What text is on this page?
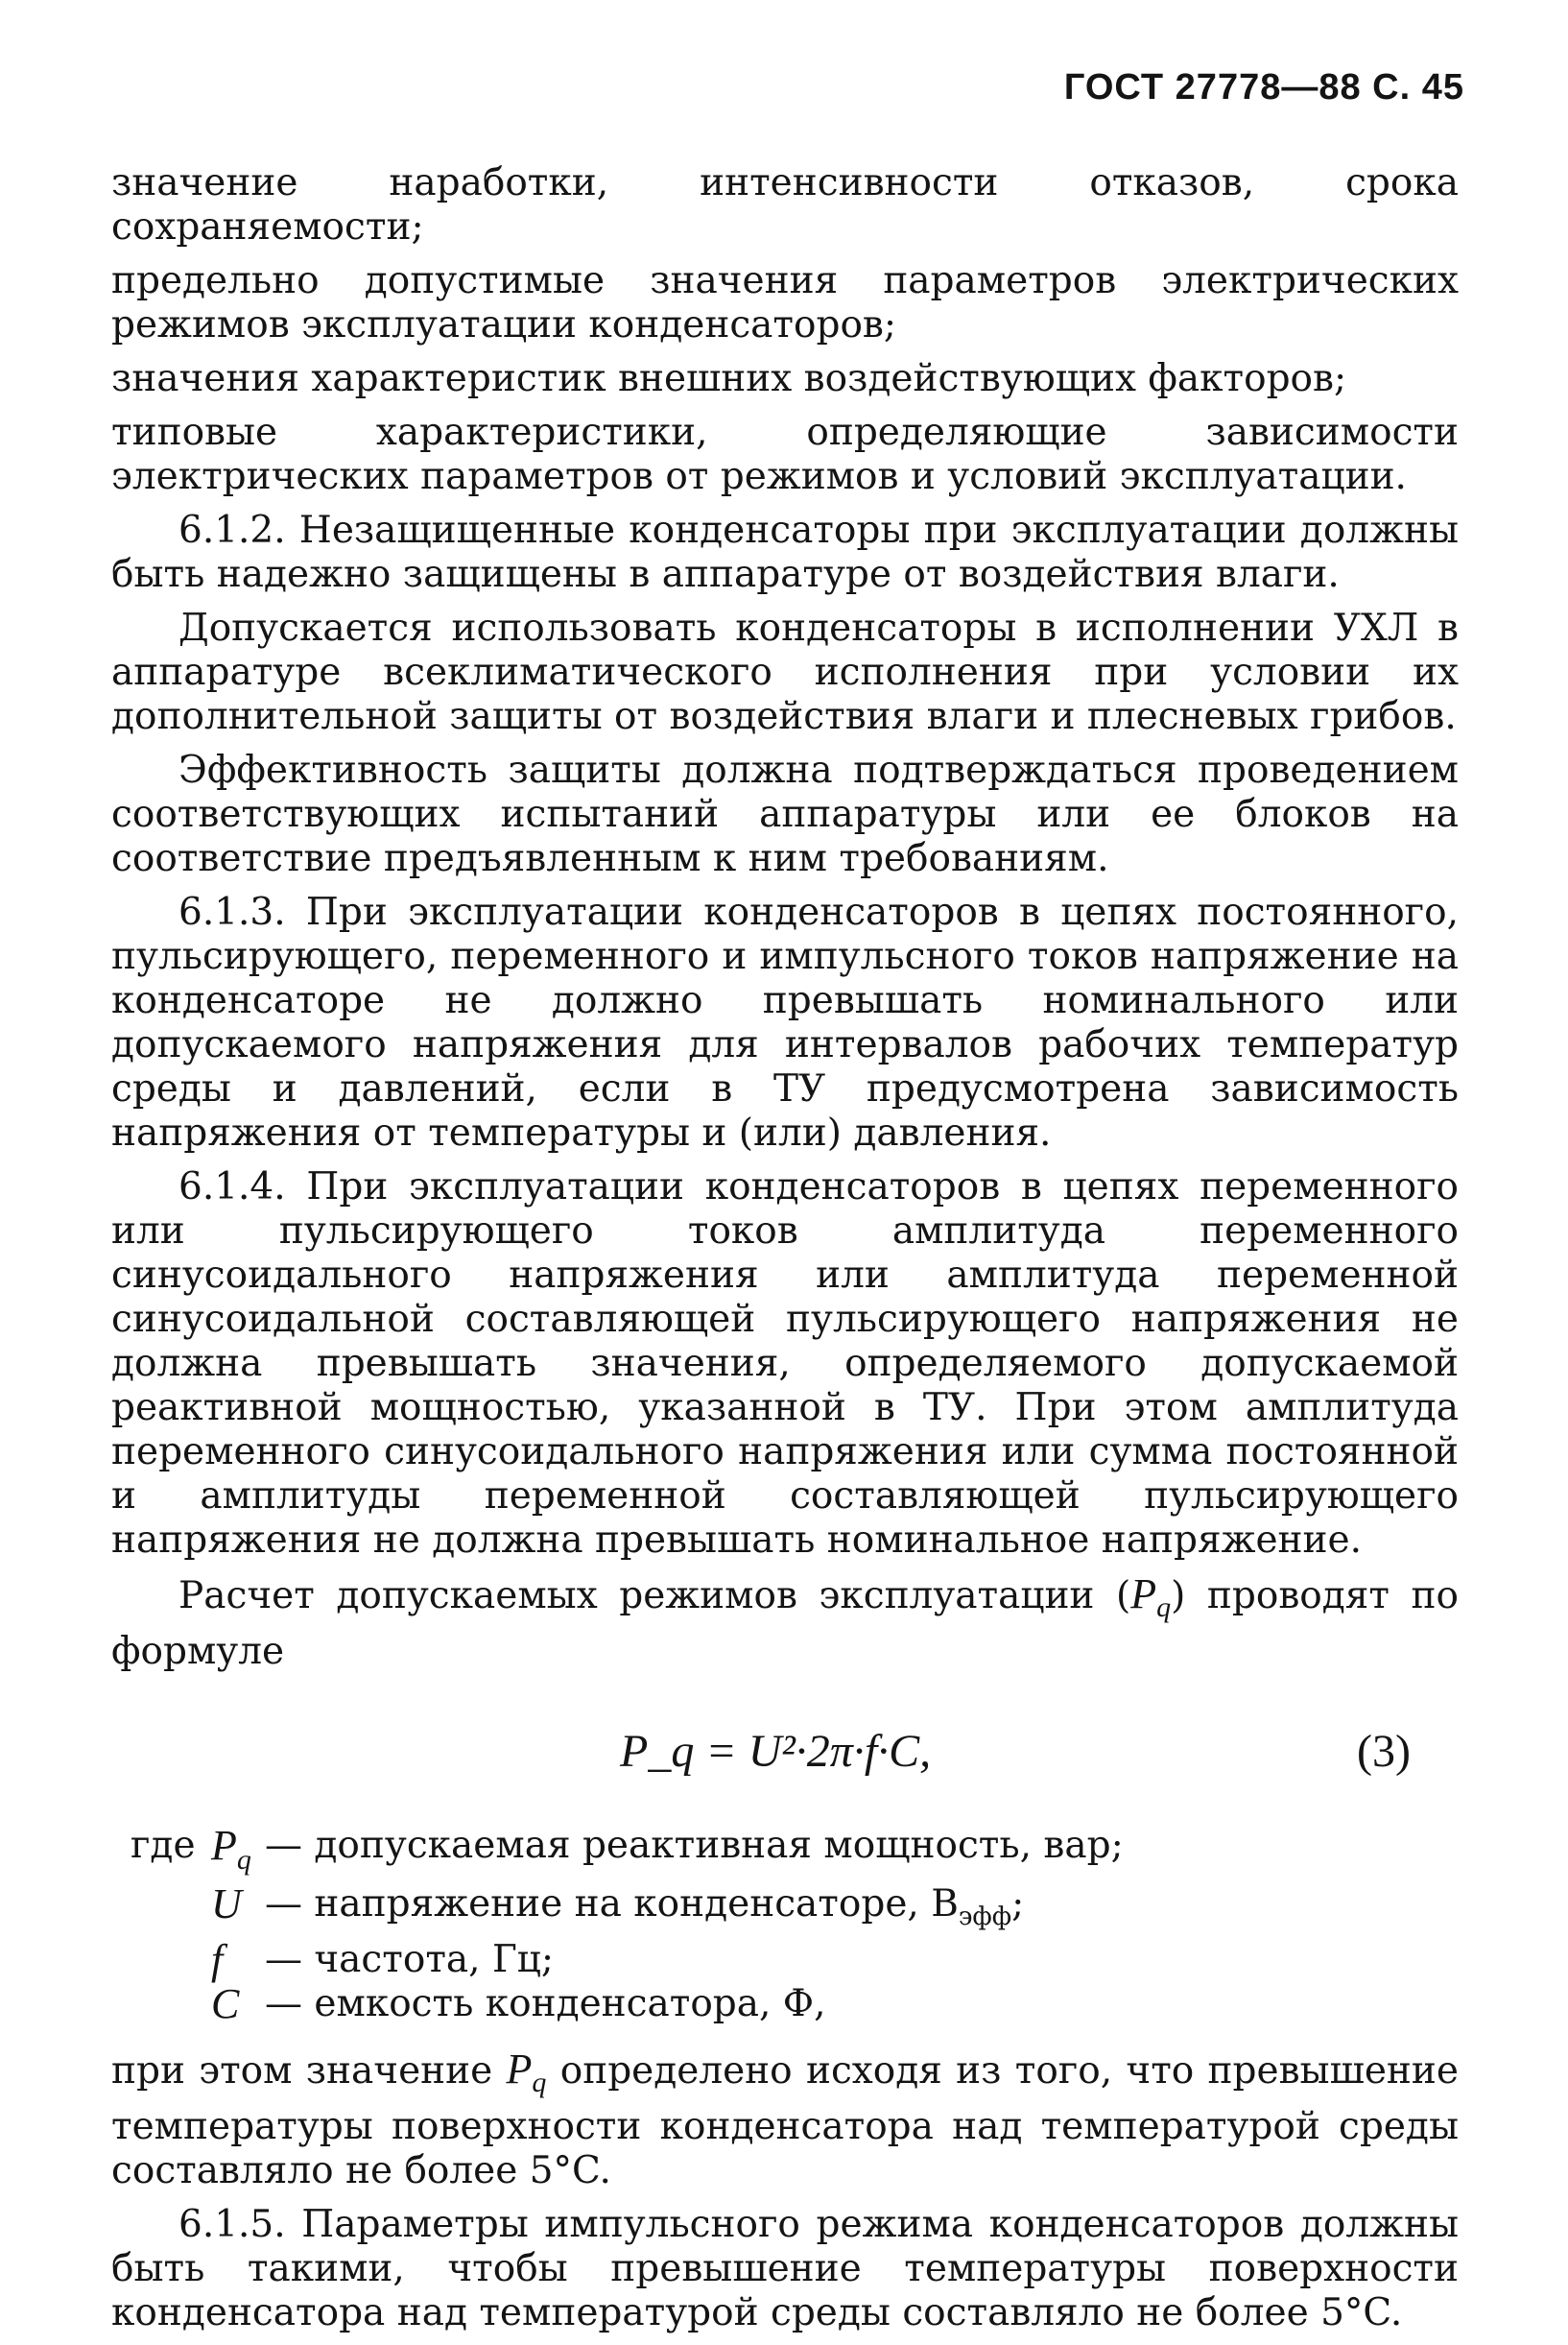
ГОСТ 27778—88 С. 45

значение наработки, интенсивности отказов, срока сохраняемости;

предельно допустимые значения параметров электрических режимов эксплуатации конденсаторов;

значения характеристик внешних воздействующих факторов;

типовые характеристики, определяющие зависимости электрических параметров от режимов и условий эксплуатации.

6.1.2. Незащищенные конденсаторы при эксплуатации должны быть надежно защищены в аппаратуре от воздействия влаги.

Допускается использовать конденсаторы в исполнении УХЛ в аппаратуре всеклиматического исполнения при условии их дополнительной защиты от воздействия влаги и плесневых грибов.

Эффективность защиты должна подтверждаться проведением соответствующих испытаний аппаратуры или ее блоков на соответствие предъявленным к ним требованиям.

6.1.3. При эксплуатации конденсаторов в цепях постоянного, пульсирующего, переменного и импульсного токов напряжение на конденсаторе не должно превышать номинального или допускаемого напряжения для интервалов рабочих температур среды и давлений, если в ТУ предусмотрена зависимость напряжения от температуры и (или) давления.

6.1.4. При эксплуатации конденсаторов в цепях переменного или пульсирующего токов амплитуда переменного синусоидального напряжения или амплитуда переменной синусоидальной составляющей пульсирующего напряжения не должна превышать значения, определяемого допускаемой реактивной мощностью, указанной в ТУ. При этом амплитуда переменного синусоидального напряжения или сумма постоянной и амплитуды переменной составляющей пульсирующего напряжения не должна превышать номинальное напряжение.

Расчет допускаемых режимов эксплуатации $(P_q)$ проводят по формуле

P_q = U²·2π·f·C,	(3)
где $P_q$ — допускаемая реактивная мощность, вар;
U — напряжение на конденсаторе, $В_{эфф}$;
f	— частота, Гц;
C — емкость конденсатора, Ф,

при этом значение $P_q$ определено исходя из того, что превышение температуры поверхности конденсатора над температурой среды составляло не более 5°C.

6.1.5. Параметры импульсного режима конденсаторов должны быть такими, чтобы превышение температуры поверхности конденсатора над температурой среды составляло не более 5°C.
